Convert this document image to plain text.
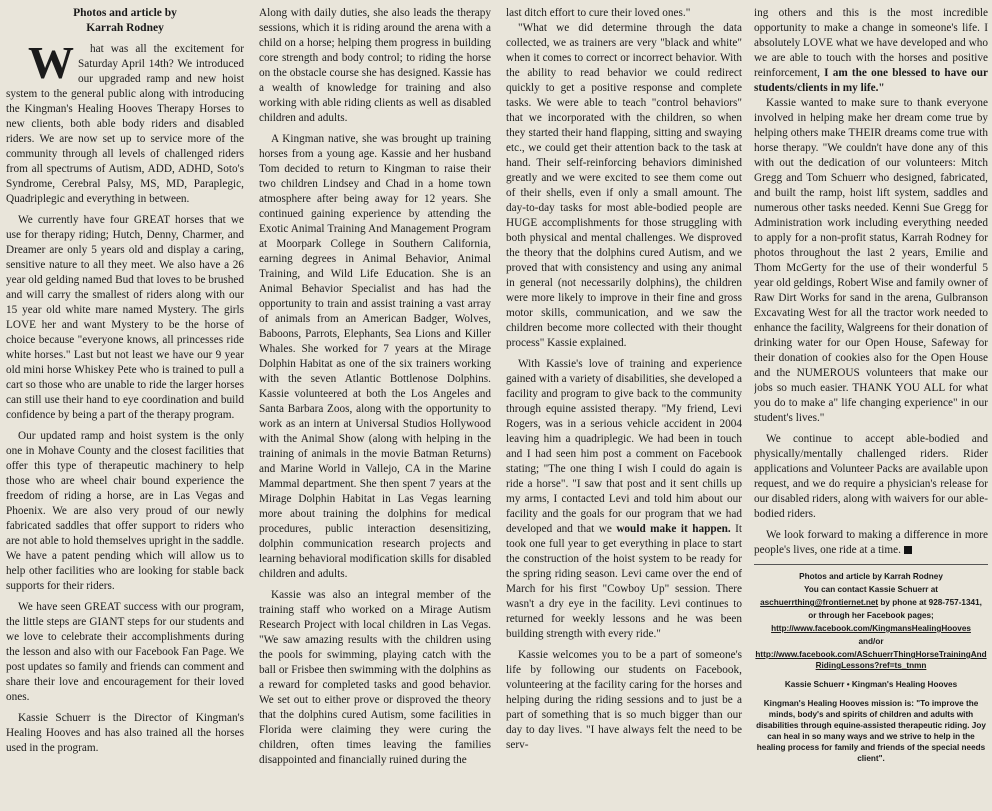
Photos and article by
Karrah Rodney

W	hat was all the excitement for Saturday April 14th? We introduced our upgraded ramp and new hoist system to the general public along with introducing the Kingman's Healing Hooves Therapy Horses to new clients, both able body riders and disabled riders. We are now set up to service more of the community through all levels of challenged riders from all spectrums of Autism, ADD, ADHD, Soto's Syndrome, Cerebral Palsy, MS, MD, Paraplegic, Quadriplegic and everything in between.

We currently have four GREAT horses that we use for therapy riding; Hutch, Denny, Charmer, and Dreamer are only 5 years old and display a caring, sensitive nature to all they meet. We also have a 26 year old gelding named Bud that loves to be brushed and will carry the smallest of riders along with our 15 year old white mare named Mystery. The girls LOVE her and want Mystery to be the horse of choice because "everyone knows, all princesses ride white horses." Last but not least we have our 9 year old mini horse Whiskey Pete who is trained to pull a cart so those who are unable to ride the larger horses can still use their hand to eye coordination and build confidence by being a part of the therapy program.

Our updated ramp and hoist system is the only one in Mohave County and the closest facilities that offer this type of therapeutic machinery to help those who are wheel chair bound experience the freedom of riding a horse, are in Las Vegas and Phoenix. We are also very proud of our newly fabricated saddles that offer support to riders who are not able to hold themselves upright in the saddle. We have a patent pending which will allow us to help other facilities who are looking for stable back supports for their riders.

We have seen GREAT success with our program, the little steps are GIANT steps for our students and we love to celebrate their accomplishments during the lesson and also with our Facebook Fan Page. We post updates so family and friends can comment and share their love and encouragement for their loved ones.

Kassie Schuerr is the Director of Kingman's Healing Hooves and has also trained all the horses used in the program.

Along with daily duties, she also leads the therapy sessions, which it is riding around the arena with a child on a horse; helping them progress in building core strength and body control; to riding the horse on the obstacle course she has designed. Kassie has a wealth of knowledge for training and also working with able riding clients as well as disabled children and adults.

A Kingman native, she was brought up training horses from a young age. Kassie and her husband Tom decided to return to Kingman to raise their two children Lindsey and Chad in a home town atmosphere after being away for 12 years. She continued gaining experience by attending the Exotic Animal Training And Management Program at Moorpark College in Southern California, earning degrees in Animal Behavior, Animal Training, and Wild Life Education. She is an Animal Behavior Specialist and has had the opportunity to train and assist training a vast array of animals from an American Badger, Wolves, Baboons, Parrots, Elephants, Sea Lions and Killer Whales. She worked for 7 years at the Mirage Dolphin Habitat as one of the six trainers working with the seven Atlantic Bottlenose Dolphins. Kassie volunteered at both the Los Angeles and Santa Barbara Zoos, along with the opportunity to work as an intern at Universal Studios Hollywood with the Animal Show (along with helping in the training of animals in the movie Batman Returns) and Marine World in Vallejo, CA in the Marine Mammal department. She then spent 7 years at the Mirage Dolphin Habitat in Las Vegas learning more about training the dolphins for medical procedures, public interaction desensitizing, dolphin communication research projects and learning behavioral modification skills for disabled children and adults.

Kassie was also an integral member of the training staff who worked on a Mirage Autism Research Project with local children in Las Vegas. "We saw amazing results with the children using the pools for swimming, playing catch with the ball or Frisbee then swimming with the dolphins as a reward for completed tasks and good behavior. We set out to either prove or disproved the theory that the dolphins cured Autism, some facilities in Florida were claiming they were curing the children, often times leaving the families disappointed and financially ruined during the

last ditch effort to cure their loved ones."

"What we did determine through the data collected, we as trainers are very "black and white" when it comes to correct or incorrect behavior. With the ability to read behavior we could redirect quickly to get a positive response and complete tasks. We were able to teach "control behaviors" that we incorporated with the children, so when they started their hand flapping, sitting and swaying etc., we could get their attention back to the task at hand. Their self-reinforcing behaviors diminished greatly and we were excited to see them come out of their shells, even if only a small amount. The day-to-day tasks for most able-bodied people are HUGE accomplishments for those struggling with both physical and mental challenges. We disproved the theory that the dolphins cured Autism, and we proved that with consistency and using any animal in general (not necessarily dolphins), the children were more likely to improve in their fine and gross motor skills, communication, and we saw the children become more collected with their thought process" Kassie explained.

With Kassie's love of training and experience gained with a variety of disabilities, she developed a facility and program to give back to the community through equine assisted therapy. "My friend, Levi Rogers, was in a serious vehicle accident in 2004 leaving him a quadriplegic. We had been in touch and I had seen him post a comment on Facebook stating; "The one thing I wish I could do again is ride a horse". "I saw that post and it sent chills up my arms, I contacted Levi and told him about our facility and the goals for our program that we had developed and that we would make it happen. It took one full year to get everything in place to start the construction of the hoist system to be ready for the spring riding season. Levi came over the end of March for his first "Cowboy Up" session. There wasn't a dry eye in the facility. Levi continues to returned for weekly lessons and he was been building strength with every ride."

Kassie welcomes you to be a part of someone's life by following our students on Facebook, volunteering at the facility caring for the horses and helping during the riding sessions and to just be a part of something that is so much bigger than our day to day lives. "I have always felt the need to be serv-

ing others and this is the most incredible opportunity to make a change in someone's life. I absolutely LOVE what we have developed and who we are able to touch with the horses and positive reinforcement, I am the one blessed to have our students/clients in my life."

Kassie wanted to make sure to thank everyone involved in helping make her dream come true by helping others make THEIR dreams come true with horse therapy. "We couldn't have done any of this with out the dedication of our volunteers: Mitch Gregg and Tom Schuerr who designed, fabricated, and built the ramp, hoist lift system, saddles and numerous other tasks needed. Kenni Sue Gregg for Administration work including everything needed to apply for a non-profit status, Karrah Rodney for photos throughout the last 2 years, Emilie and Thom McGerty for the use of their wonderful 5 year old geldings, Robert Wise and family owner of Raw Dirt Works for sand in the arena, Gulbranson Excavating West for all the tractor work needed to enhance the facility, Walgreens for their donation of drinking water for our Open House, Safeway for their donation of cookies also for the Open House and the NUMEROUS volunteers that make our jobs so much easier. THANK YOU ALL for what you do to make a" life changing experience" in our student's lives."

We continue to accept able-bodied and physically/mentally challenged riders. Rider applications and Volunteer Packs are available upon request, and we do require a physician's release for our disabled riders, along with waivers for our able-bodied riders.

We look forward to making a difference in more people's lives, one ride at a time.

Photos and article by Karrah Rodney

You can contact Kassie Schuerr at

aschuerrthing@frontiernet.net by phone at 928-757-1341,

or through her Facebook pages;

http://www.facebook.com/KingmansHealingHooves

and/or

http://www.facebook.com/ASchuerrThingHorseTrainingAndRidingLessons?ref=ts_tnmn

Kassie Schuerr • Kingman's Healing Hooves

Kingman's Healing Hooves mission is: "To improve the minds, body's and spirits of children and adults with disabilities through equine-assisted therapeutic riding. Joy can heal in so many ways and we strive to help in the healing process for family and friends of the special needs client".
